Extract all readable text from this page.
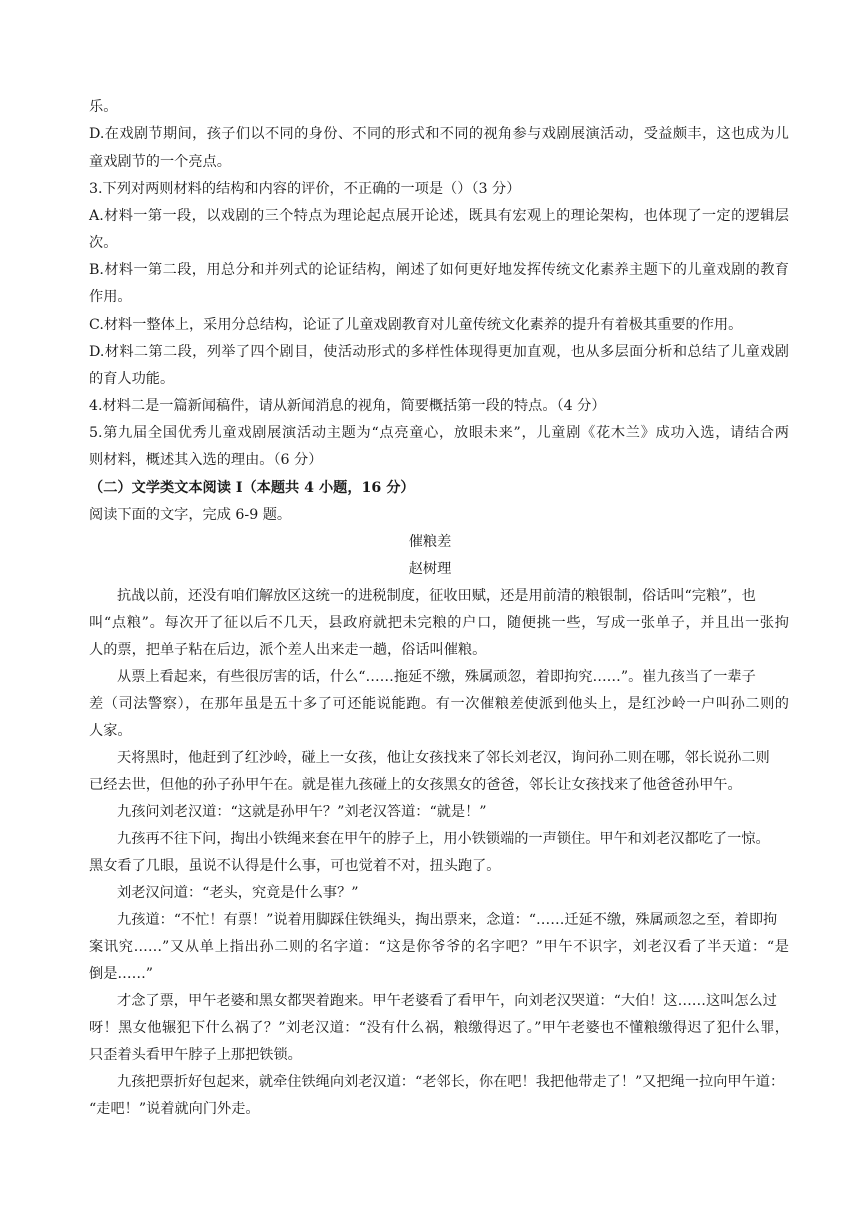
乐。
D.在戏剧节期间，孩子们以不同的身份、不同的形式和不同的视角参与戏剧展演活动，受益颇丰，这也成为儿
童戏剧节的一个亮点。
3.下列对两则材料的结构和内容的评价，不正确的一项是（）（3 分）
A.材料一第一段，以戏剧的三个特点为理论起点展开论述，既具有宏观上的理论架构，也体现了一定的逻辑层
次。
B.材料一第二段，用总分和并列式的论证结构，阐述了如何更好地发挥传统文化素养主题下的儿童戏剧的教育
作用。
C.材料一整体上，采用分总结构，论证了儿童戏剧教育对儿童传统文化素养的提升有着极其重要的作用。
D.材料二第二段，列举了四个剧目，使活动形式的多样性体现得更加直观，也从多层面分析和总结了儿童戏剧
的育人功能。
4.材料二是一篇新闻稿件，请从新闻消息的视角，简要概括第一段的特点。（4 分）
5.第九届全国优秀儿童戏剧展演活动主题为“点亮童心，放眼未来”，儿童剧《花木兰》成功入选，请结合两
则材料，概述其入选的理由。（6 分）
（二）文学类文本阅读 I（本题共 4 小题，16 分）
阅读下面的文字，完成 6-9 题。
催粮差
赵树理
抗战以前，还没有咱们解放区这统一的进税制度，征收田赋，还是用前清的粮银制，俗话叫“完粮”，也
叫“点粮”。每次开了征以后不几天，县政府就把未完粮的户口，随便挑一些，写成一张单子，并且出一张拘
人的票，把单子粘在后边，派个差人出来走一趟，俗话叫催粮。
从票上看起来，有些很厉害的话，什么“……拖延不缴，殊属顽忽，着即拘究……”。崔九孩当了一辈子
差（司法警察），在那年虽是五十多了可还能说能跑。有一次催粮差使派到他头上，是红沙岭一户叫孙二则的
人家。
天将黑时，他赶到了红沙岭，碰上一女孩，他让女孩找来了邻长刘老汉，询问孙二则在哪，邻长说孙二则
已经去世，但他的孙子孙甲午在。就是崔九孩碰上的女孩黑女的爸爸，邻长让女孩找来了他爸爸孙甲午。
九孩问刘老汉道：“这就是孙甲午？”刘老汉答道：“就是！”
九孩再不往下问，掏出小铁绳来套在甲午的脖子上，用小铁锁端的一声锁住。甲午和刘老汉都吃了一惊。
黑女看了几眼，虽说不认得是什么事，可也觉着不对，扭头跑了。
刘老汉问道：“老头，究竟是什么事？”
九孩道：“不忙！有票！”说着用脚踩住铁绳头，掏出票来，念道：“……迁延不缴，殊属顽忽之至，着即拘
案讯究……”又从单上指出孙二则的名字道：“这是你爷爷的名字吧？”甲午不识字，刘老汉看了半天道：“是
倒是……”
才念了票，甲午老婆和黑女都哭着跑来。甲午老婆看了看甲午，向刘老汉哭道：“大伯！这……这叫怎么过
呀！黑女他辗犯下什么祸了？”刘老汉道：“没有什么祸，粮缴得迟了。”甲午老婆也不懂粮缴得迟了犯什么罪，
只歪着头看甲午脖子上那把铁锁。
九孩把票折好包起来，就牵住铁绳向刘老汉道：“老邻长，你在吧！我把他带走了！”又把绳一拉向甲午道：
“走吧！”说着就向门外走。
